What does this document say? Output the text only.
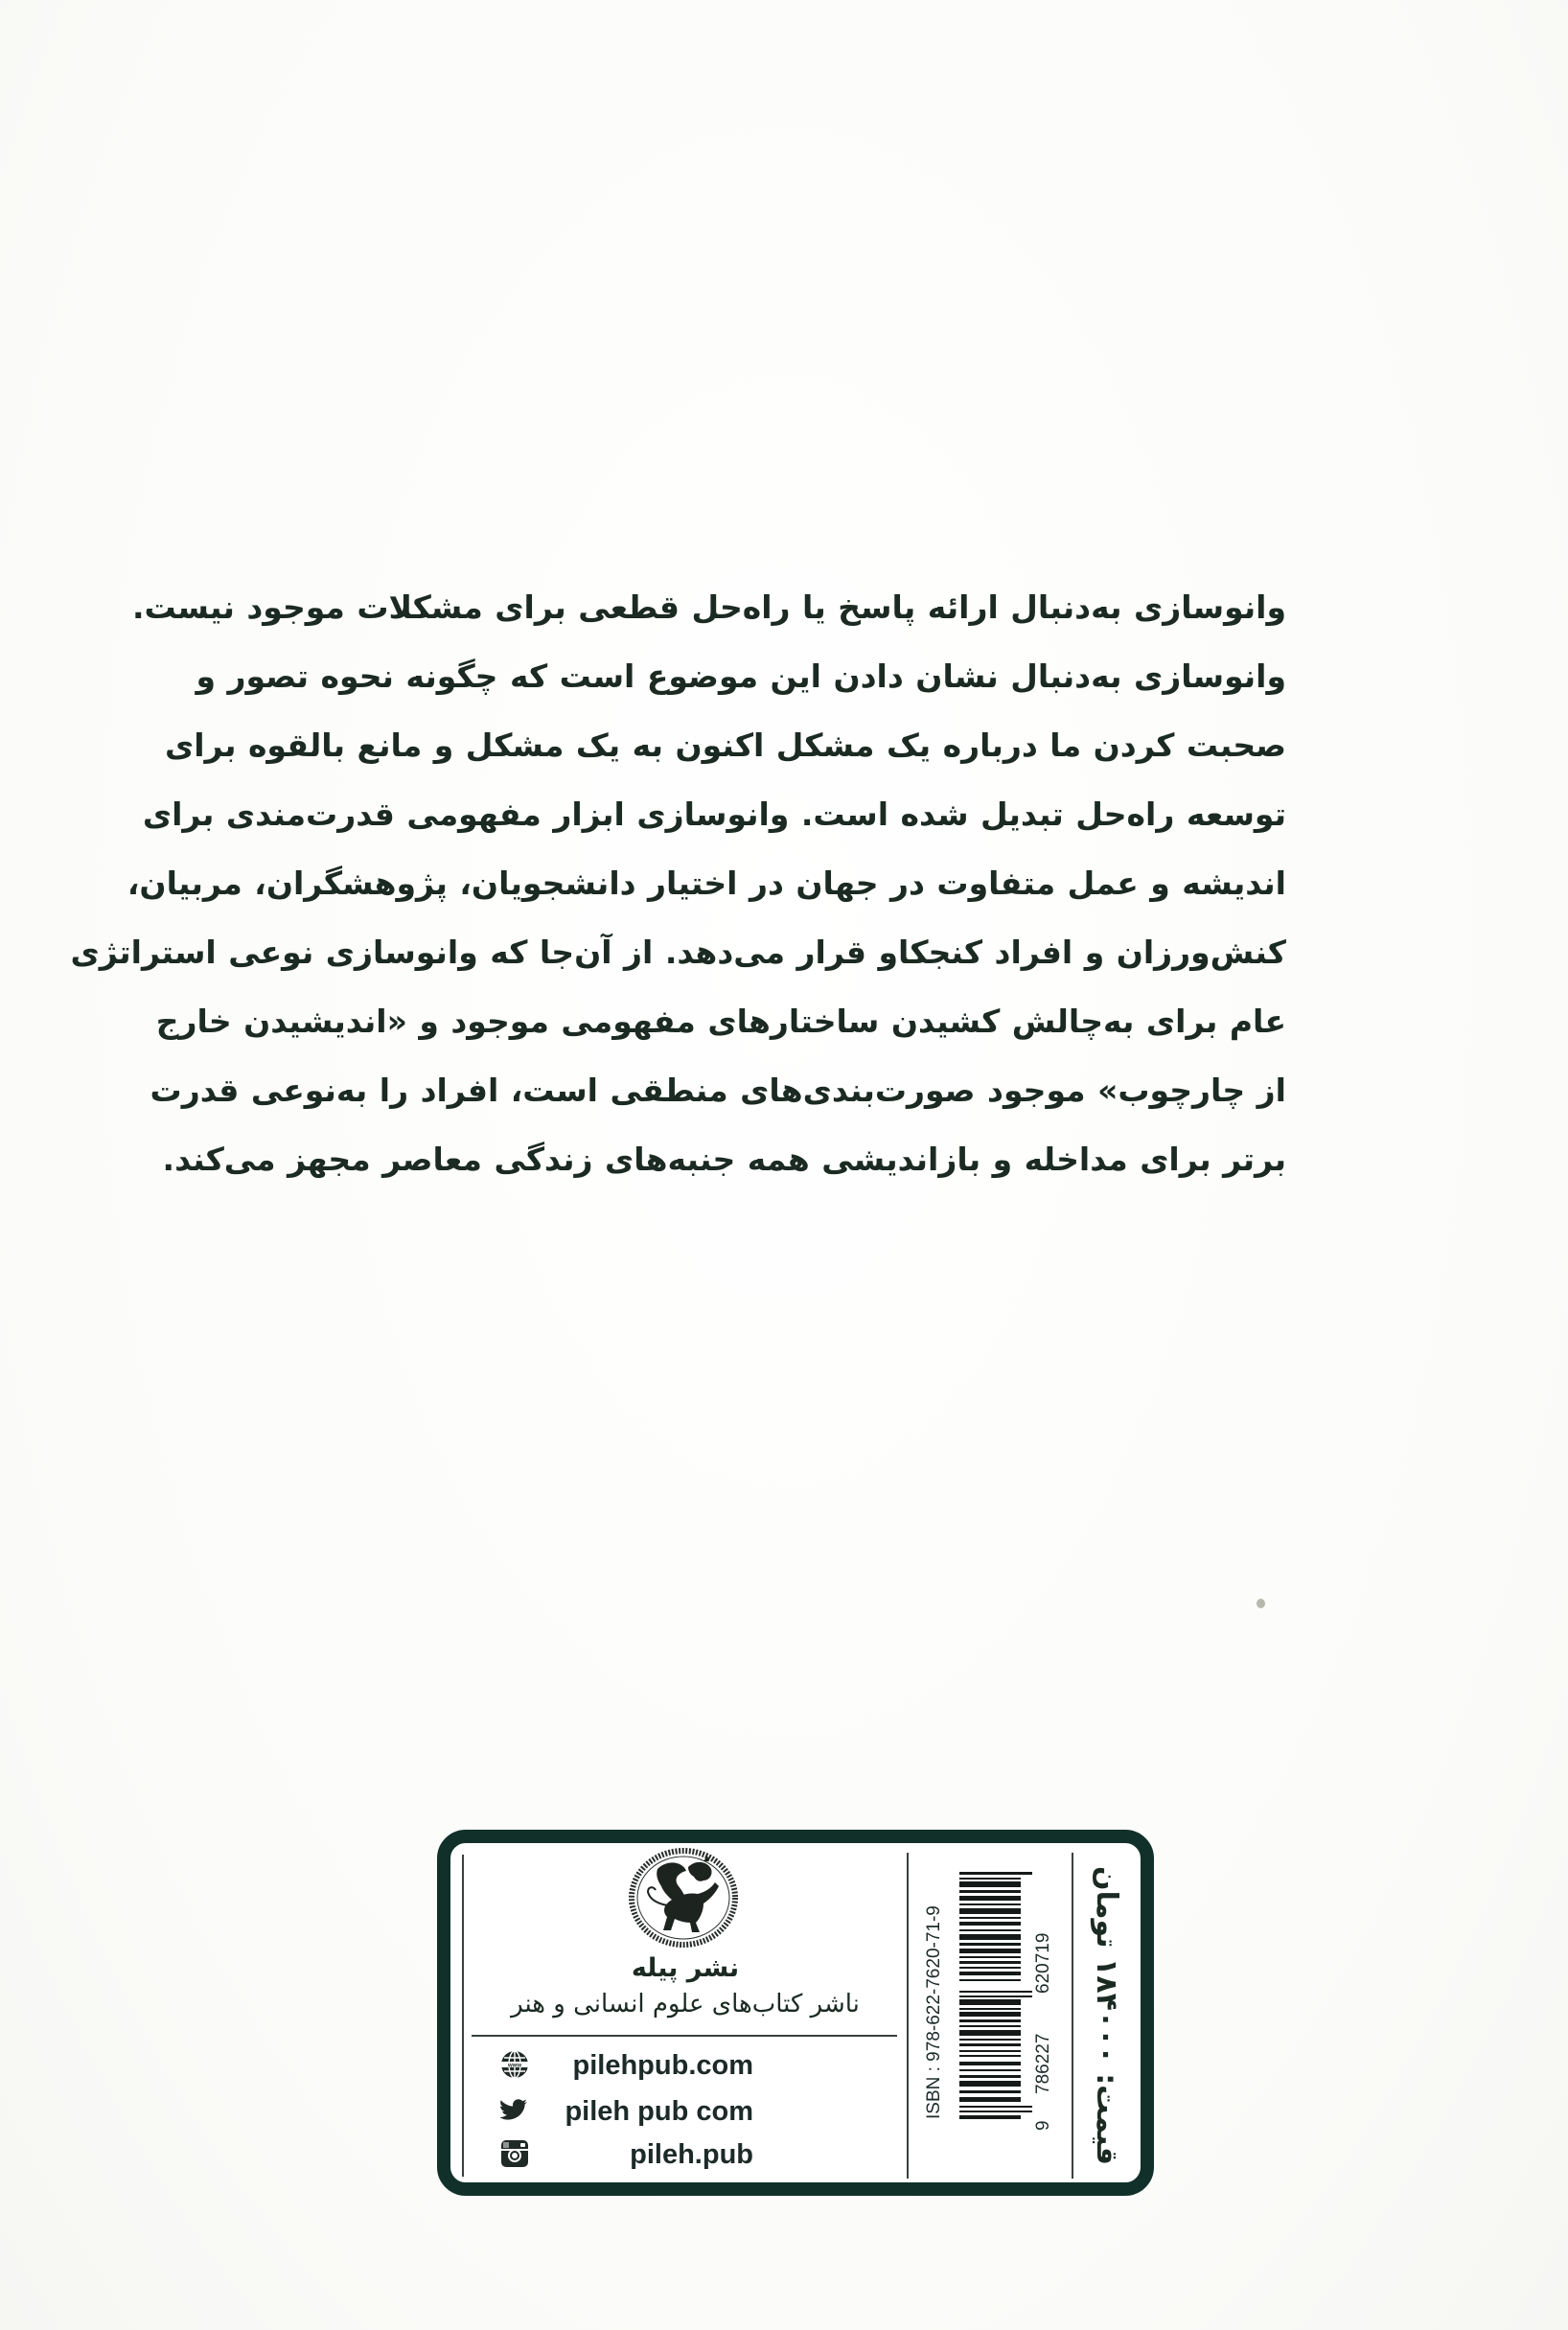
وانوسازی به‌دنبال ارائه پاسخ یا راه‌حل قطعی برای مشکلات موجود نیست.
وانوسازی به‌دنبال نشان دادن این موضوع است که چگونه نحوه تصور و
صحبت کردن ما درباره یک مشکل اکنون به یک مشکل و مانع بالقوه برای
توسعه راه‌حل تبدیل شده است. وانوسازی ابزار مفهومی قدرت‌مندی برای
اندیشه و عمل متفاوت در جهان در اختیار دانشجویان، پژوهشگران، مربیان،
کنش‌ورزان و افراد کنجکاو قرار می‌دهد. از آن‌جا که وانوسازی نوعی استراتژی
عام برای به‌چالش کشیدن ساختارهای مفهومی موجود و «اندیشیدن خارج
از چارچوب» موجود صورت‌بندی‌های منطقی است، افراد را به‌نوعی قدرت
برتر برای مداخله و بازاندیشی همه جنبه‌های زندگی معاصر مجهز می‌کند.
نشر پیله
ناشر کتاب‌های علوم انسانی و هنر
www pilehpub.com
pileh pub com
pileh.pub
ISBN : 978-622-7620-71-9
9 786227 620719
قیمت: ۱۸۴۰۰۰ تومان
